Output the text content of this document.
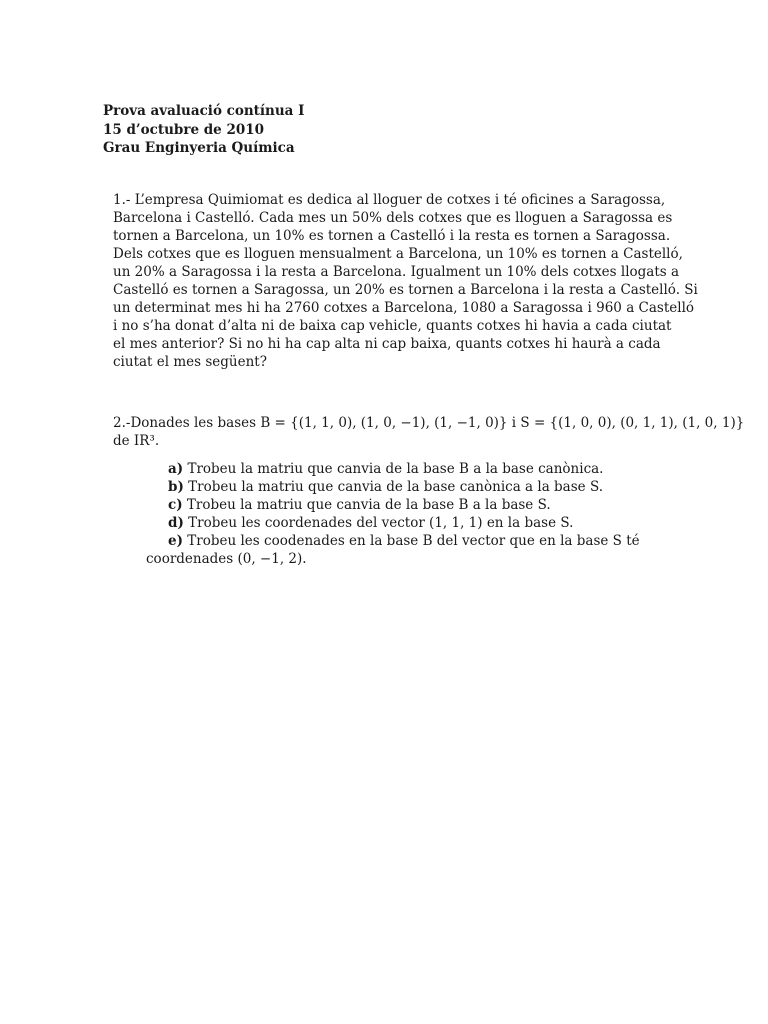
Prova avaluació contínua I
15 d’octubre de 2010
Grau Enginyeria Química

1.- L’empresa Quimiomat es dedica al lloguer de cotxes i té oficines a Saragossa,

Barcelona i Castelló. Cada mes un 50% dels cotxes que es lloguen a Saragossa es

tornen a Barcelona, un 10% es tornen a Castelló i la resta es tornen a Saragossa.

Dels cotxes que es lloguen mensualment a Barcelona, un 10% es tornen a Castelló,

un 20% a Saragossa i la resta a Barcelona. Igualment un 10% dels cotxes llogats a

Castelló es tornen a Saragossa, un 20% es tornen a Barcelona i la resta a Castelló. Si

un determinat mes hi ha 2760 cotxes a Barcelona, 1080 a Saragossa i 960 a Castelló

i no s’ha donat d’alta ni de baixa cap vehicle, quants cotxes hi havia a cada ciutat

el mes anterior? Si no hi ha cap alta ni cap baixa, quants cotxes hi haurà a cada

ciutat el mes següent?

2.-Donades les bases B = {(1, 1, 0), (1, 0, −1), (1, −1, 0)} i S = {(1, 0, 0), (0, 1, 1), (1, 0, 1)}

de IR³.

a) Trobeu la matriu que canvia de la base B a la base canònica.
b) Trobeu la matriu que canvia de la base canònica a la base S.
c) Trobeu la matriu que canvia de la base B a la base S.
d) Trobeu les coordenades del vector (1, 1, 1) en la base S.
e) Trobeu les coodenades en la base B del vector que en la base S té
coordenades (0, −1, 2).
